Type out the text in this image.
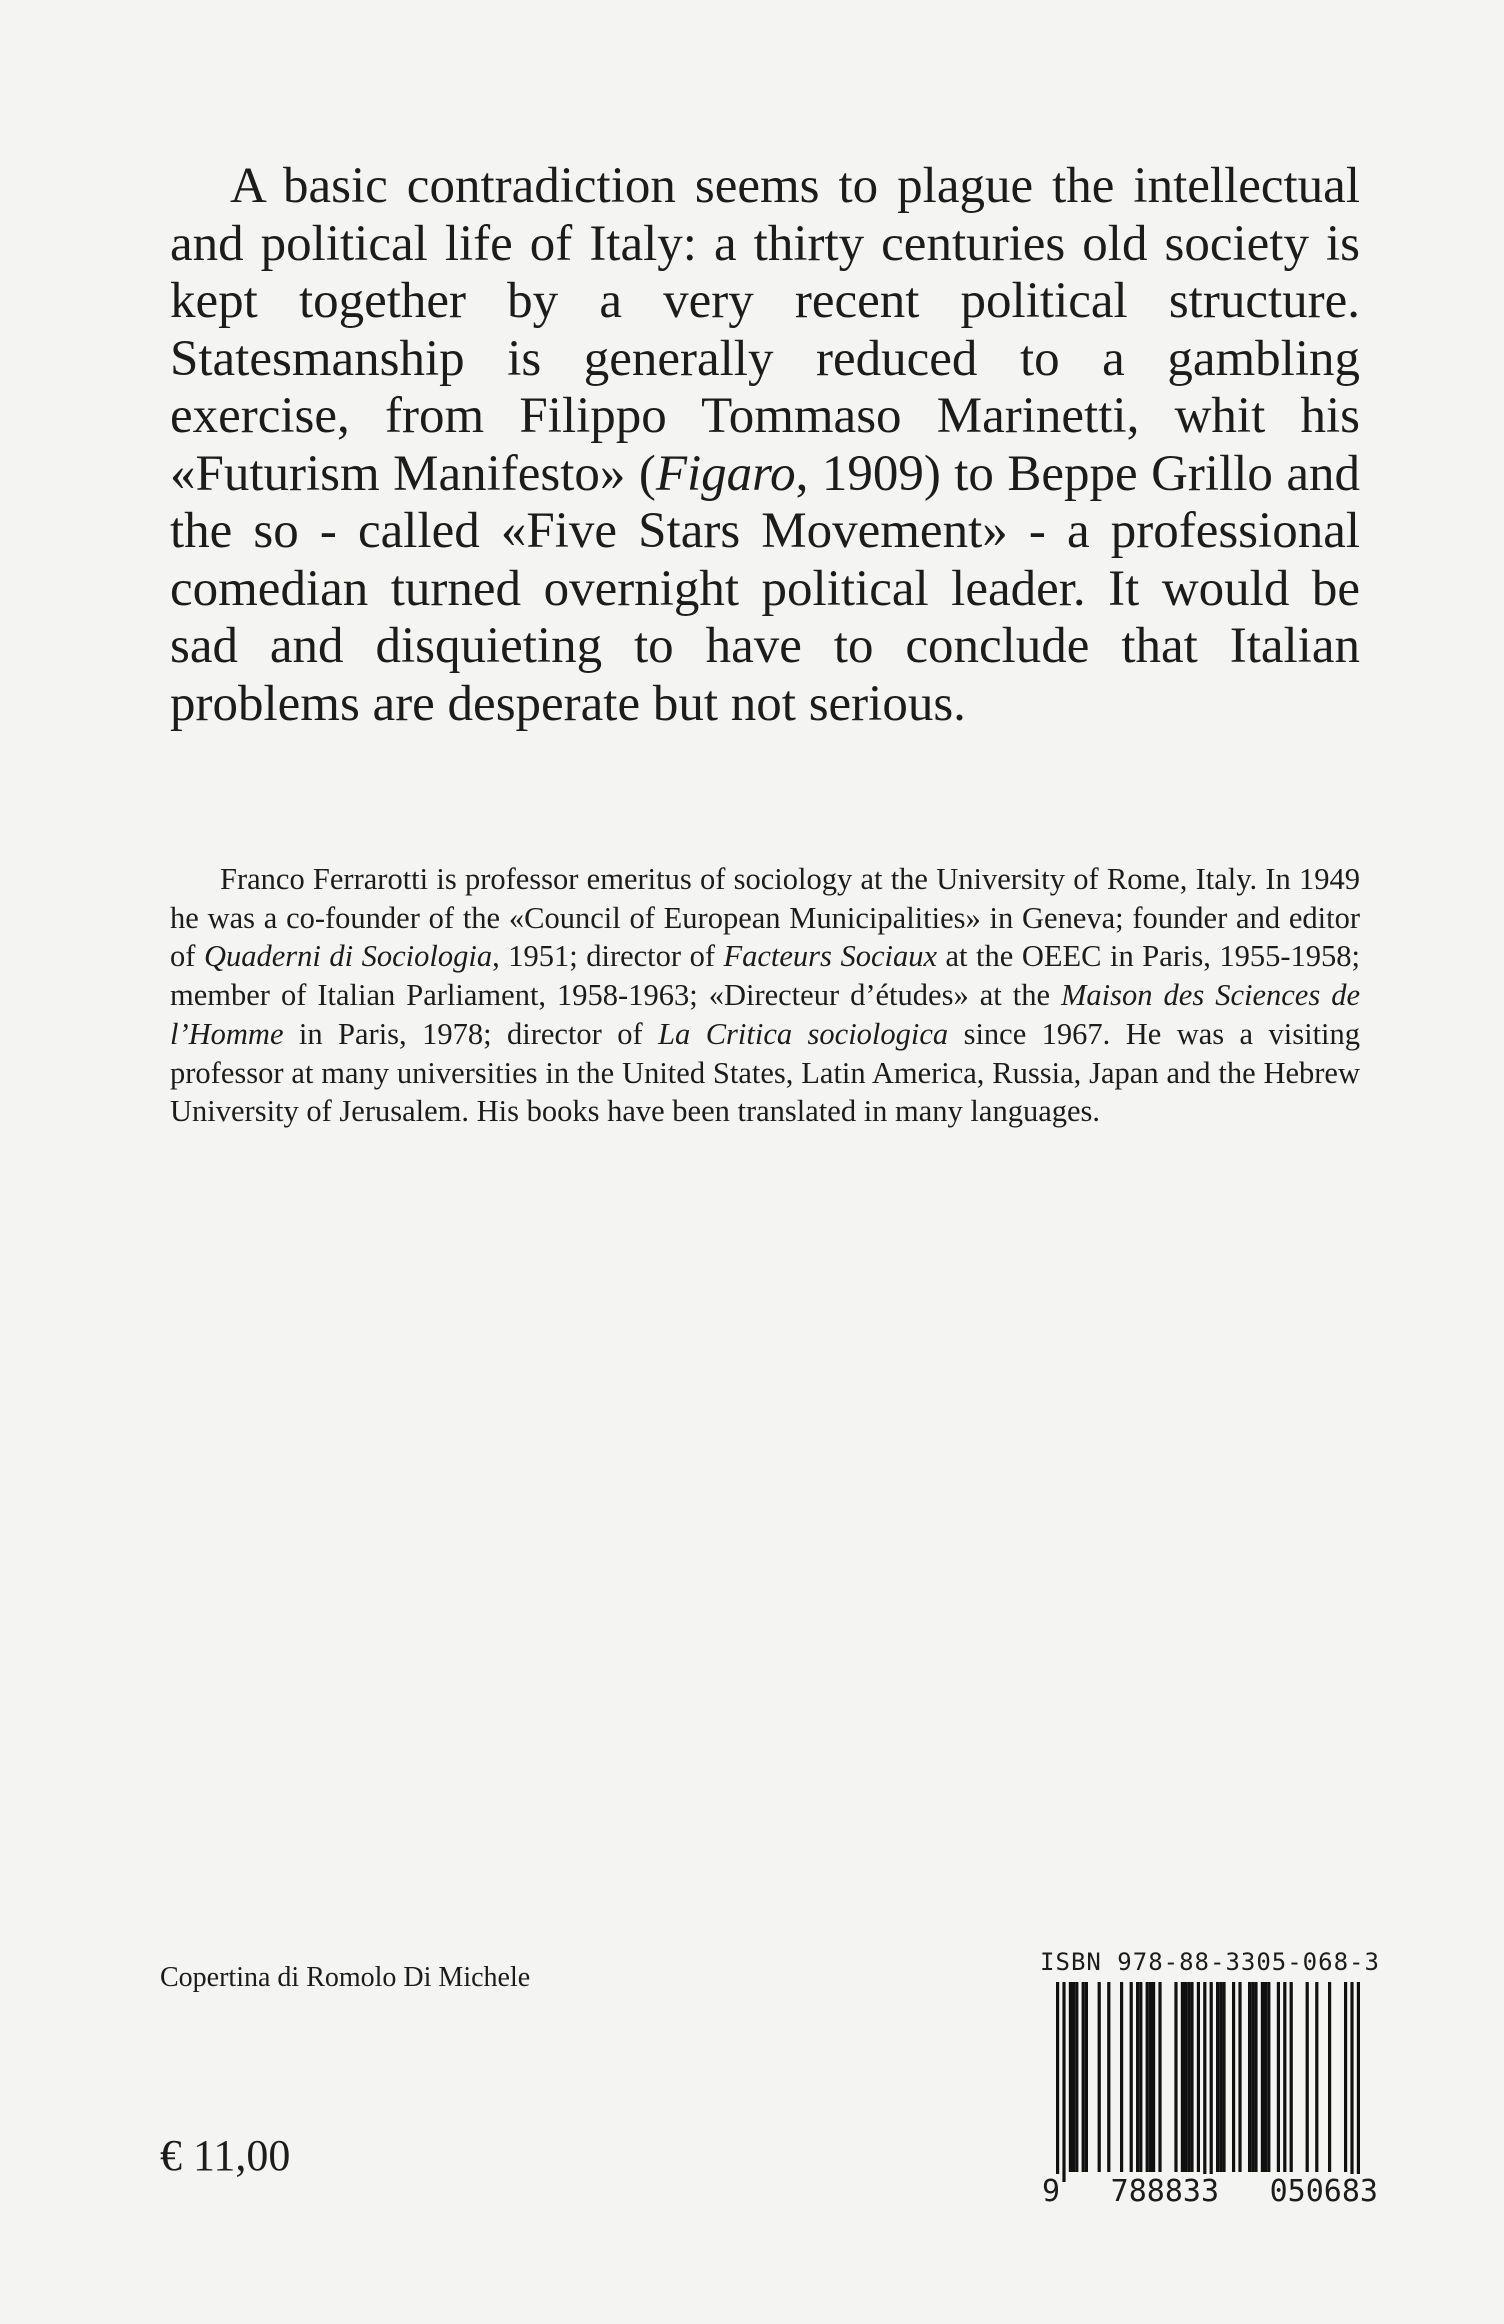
A basic contradiction seems to plague the intellectual and political life of Italy: a thirty centuries old society is kept together by a very recent political structure. Statesmanship is generally reduced to a gambling exercise, from Filippo Tommaso Marinetti, whit his «Futurism Manifesto» (Figaro, 1909) to Beppe Grillo and the so - called «Five Stars Movement» - a professional comedian turned overnight political leader. It would be sad and disquieting to have to conclude that Italian problems are desperate but not serious.

Franco Ferrarotti is professor emeritus of sociology at the University of Rome, Italy. In 1949 he was a co-founder of the «Council of European Municipalities» in Geneva; founder and editor of Quaderni di Sociologia, 1951; director of Facteurs Sociaux at the OEEC in Paris, 1955-1958; member of Italian Parliament, 1958-1963; «Directeur d’études» at the Maison des Sciences de l’Homme in Paris, 1978; director of La Critica sociologica since 1967. He was a visiting professor at many universities in the United States, Latin America, Russia, Japan and the Hebrew University of Jerusalem. His books have been translated in many languages.

Copertina di Romolo Di Michele
€ 11,00
ISBN 978-88-3305-068-3
9 788833 050683
